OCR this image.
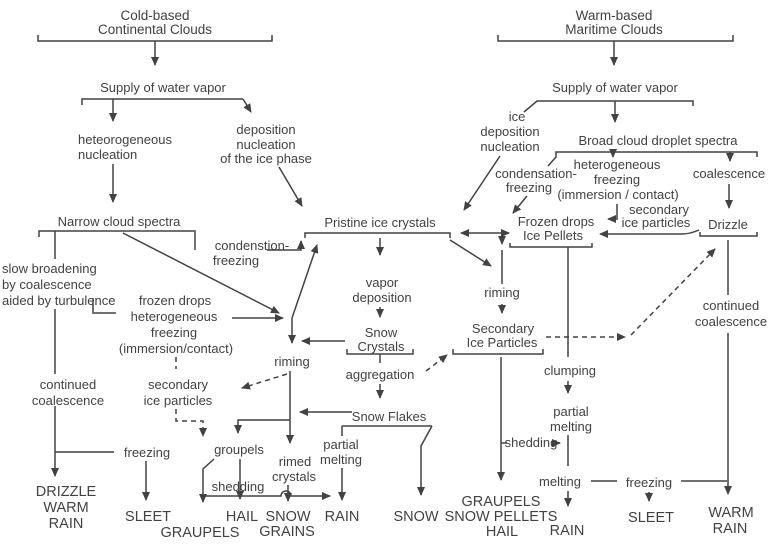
Cold-based
Continental Clouds
Supply of water vapor
heteorogeneous
nucleation
deposition
nucleation
of the ice phase
Narrow cloud spectra
slow broadening
by coalescence
aided by turbulence
condenstion-
freezing
frozen drops
heterogeneous
freezing
(immersion/contact)
secondary
ice particles
riming
continued
coalescence
freezing	groupels
shedding
rimed
crystals
Pristine ice crystals
vapor
deposition
Snow
Crystals
aggregation
Snow Flakes
partial
melting
Warm-based
Maritime Clouds
Supply of water vapor
ice
deposition
nucleation	Broad cloud droplet spectra
condensation-
freezing
heterogeneous
freezing
(immersion / contact)
coalescence
secondary
ice particles Drizzle
Frozen drops
Ice Pellets
riming
Secondary
Ice Particles
clumping
partial
melting
shedding
continued
coalescence
melting	freezing
DRIZZLE
WARM
RAIN	SLEET
GRAUPELS
HAIL SNOW
GRAINS
RAIN SNOW
GRAUPELS
SNOW PELLETS
HAIL RAIN
SLEET WARM
RAIN
